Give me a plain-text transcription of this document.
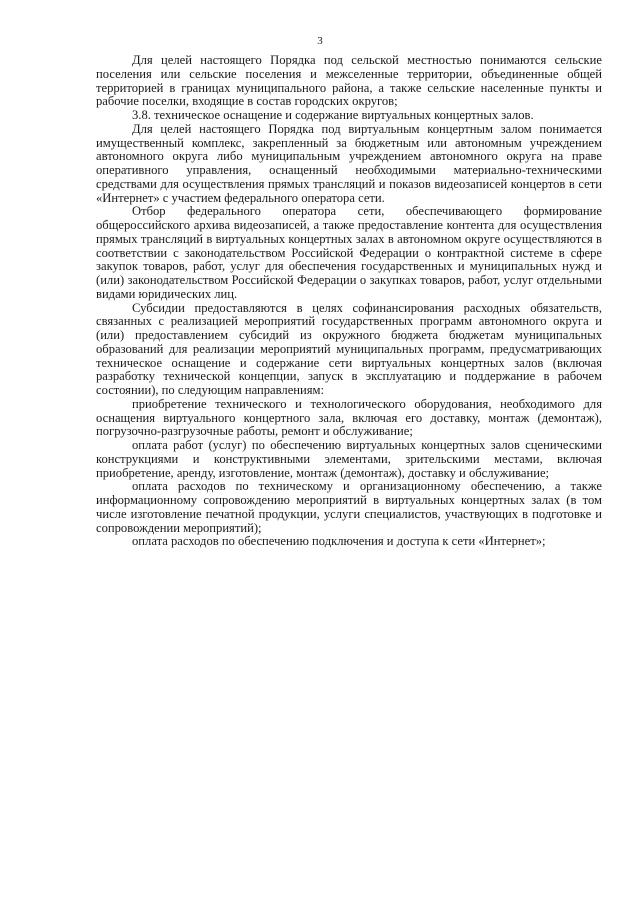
3

Для целей настоящего Порядка под сельской местностью понимаются сельские поселения или сельские поселения и межселенные территории, объединенные общей территорией в границах муниципального района, а также сельские населенные пункты и рабочие поселки, входящие в состав городских округов;

3.8. техническое оснащение и содержание виртуальных концертных залов.

Для целей настоящего Порядка под виртуальным концертным залом понимается имущественный комплекс, закрепленный за бюджетным или автономным учреждением автономного округа либо муниципальным учреждением автономного округа на праве оперативного управления, оснащенный необходимыми материально-техническими средствами для осуществления прямых трансляций и показов видеозаписей концертов в сети «Интернет» с участием федерального оператора сети.

Отбор федерального оператора сети, обеспечивающего формирование общероссийского архива видеозаписей, а также предоставление контента для осуществления прямых трансляций в виртуальных концертных залах в автономном округе осуществляются в соответствии с законодательством Российской Федерации о контрактной системе в сфере закупок товаров, работ, услуг для обеспечения государственных и муниципальных нужд и (или) законодательством Российской Федерации о закупках товаров, работ, услуг отдельными видами юридических лиц.

Субсидии предоставляются в целях софинансирования расходных обязательств, связанных с реализацией мероприятий государственных программ автономного округа и (или) предоставлением субсидий из окружного бюджета бюджетам муниципальных образований для реализации мероприятий муниципальных программ, предусматривающих техническое оснащение и содержание сети виртуальных концертных залов (включая разработку технической концепции, запуск в эксплуатацию и поддержание в рабочем состоянии), по следующим направлениям:

приобретение технического и технологического оборудования, необходимого для оснащения виртуального концертного зала, включая его доставку, монтаж (демонтаж), погрузочно-разгрузочные работы, ремонт и обслуживание;

оплата работ (услуг) по обеспечению виртуальных концертных залов сценическими конструкциями и конструктивными элементами, зрительскими местами, включая приобретение, аренду, изготовление, монтаж (демонтаж), доставку и обслуживание;

оплата расходов по техническому и организационному обеспечению, а также информационному сопровождению мероприятий в виртуальных концертных залах (в том числе изготовление печатной продукции, услуги специалистов, участвующих в подготовке и сопровождении мероприятий);

оплата расходов по обеспечению подключения и доступа к сети «Интернет»;
